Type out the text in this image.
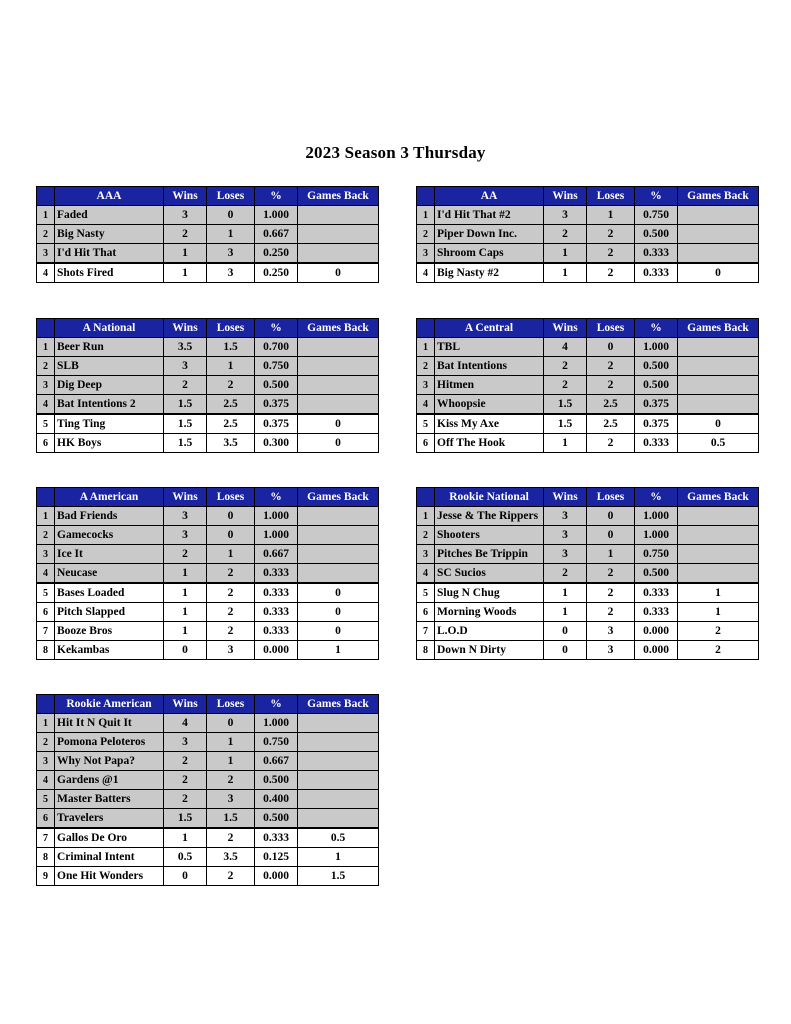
2023 Season 3 Thursday
	AAA	Wins	Loses	%	Games Back
1	Faded	3	0	1.000	
2	Big Nasty	2	1	0.667	
3	I'd Hit That	1	3	0.250	
4	Shots Fired	1	3	0.250	0
	AA	Wins	Loses	%	Games Back
1	I'd Hit That #2	3	1	0.750	
2	Piper Down Inc.	2	2	0.500	
3	Shroom Caps	1	2	0.333	
4	Big Nasty #2	1	2	0.333	0
	A National	Wins	Loses	%	Games Back
1	Beer Run	3.5	1.5	0.700	
2	SLB	3	1	0.750	
3	Dig Deep	2	2	0.500	
4	Bat Intentions 2	1.5	2.5	0.375	
5	Ting Ting	1.5	2.5	0.375	0
6	HK Boys	1.5	3.5	0.300	0
	A Central	Wins	Loses	%	Games Back
1	TBL	4	0	1.000	
2	Bat Intentions	2	2	0.500	
3	Hitmen	2	2	0.500	
4	Whoopsie	1.5	2.5	0.375	
5	Kiss My Axe	1.5	2.5	0.375	0
6	Off The Hook	1	2	0.333	0.5
	A American	Wins	Loses	%	Games Back
1	Bad Friends	3	0	1.000	
2	Gamecocks	3	0	1.000	
3	Ice It	2	1	0.667	
4	Neucase	1	2	0.333	
5	Bases Loaded	1	2	0.333	0
6	Pitch Slapped	1	2	0.333	0
7	Booze Bros	1	2	0.333	0
8	Kekambas	0	3	0.000	1
	Rookie National	Wins	Loses	%	Games Back
1	Jesse & The Rippers	3	0	1.000	
2	Shooters	3	0	1.000	
3	Pitches Be Trippin	3	1	0.750	
4	SC Sucios	2	2	0.500	
5	Slug N Chug	1	2	0.333	1
6	Morning Woods	1	2	0.333	1
7	L.O.D	0	3	0.000	2
8	Down N Dirty	0	3	0.000	2
	Rookie American	Wins	Loses	%	Games Back
1	Hit It N Quit It	4	0	1.000	
2	Pomona Peloteros	3	1	0.750	
3	Why Not Papa?	2	1	0.667	
4	Gardens @1	2	2	0.500	
5	Master Batters	2	3	0.400	
6	Travelers	1.5	1.5	0.500	
7	Gallos De Oro	1	2	0.333	0.5
8	Criminal Intent	0.5	3.5	0.125	1
9	One Hit Wonders	0	2	0.000	1.5
